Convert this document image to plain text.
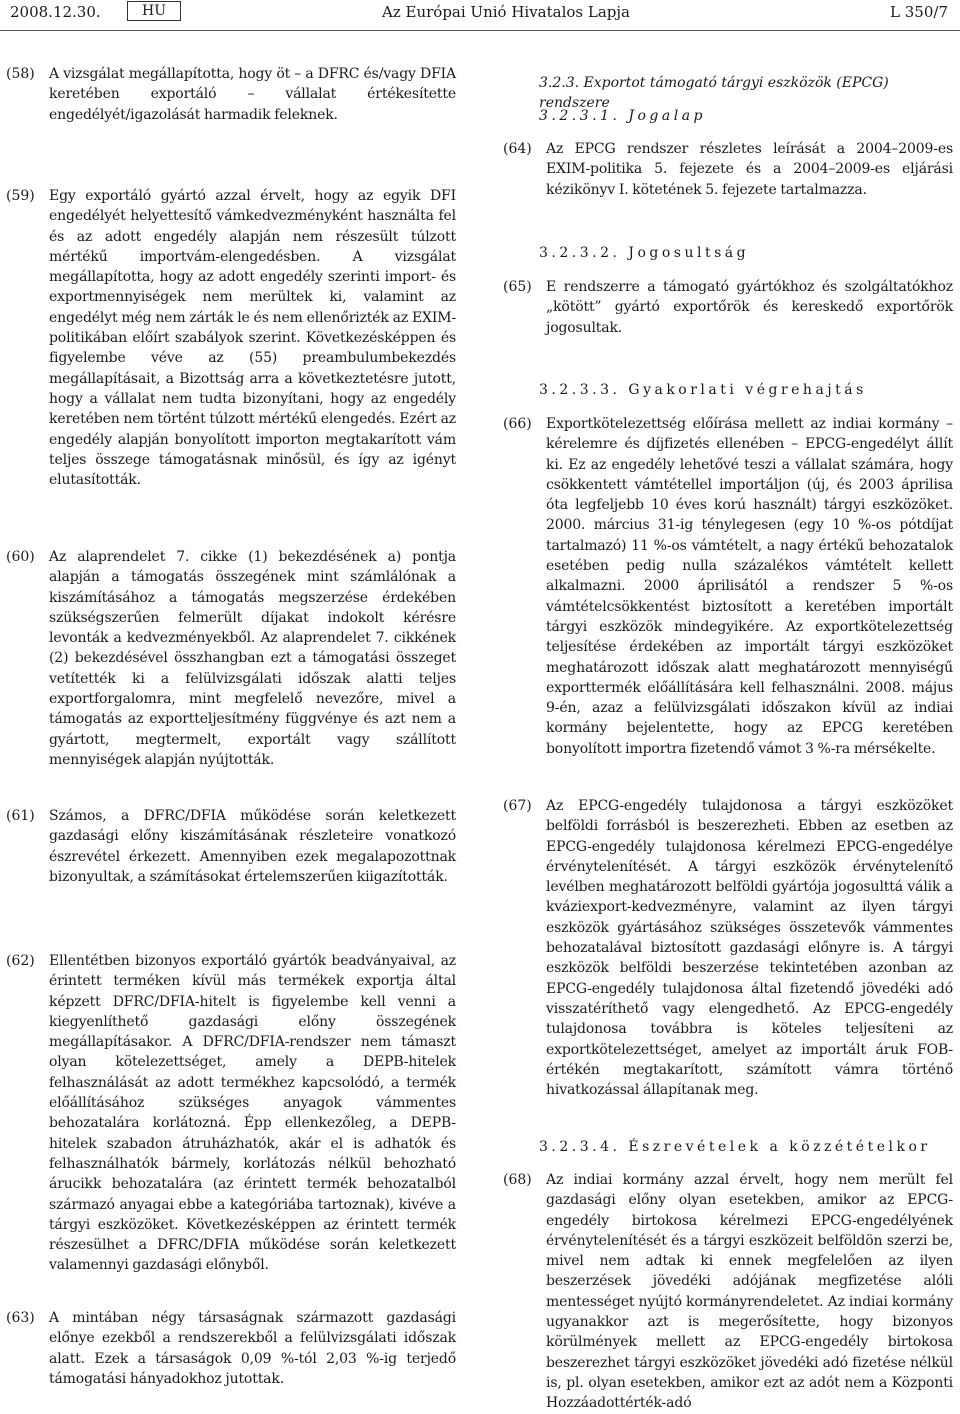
2008.12.30.	HU	Az Európai Unió Hivatalos Lapja	L 350/7
(58) A vizsgálat megállapította, hogy öt – a DFRC és/vagy DFIA keretében exportáló – vállalat értékesítette engedélyét/igazolását harmadik feleknek.
(59) Egy exportáló gyártó azzal érvelt, hogy az egyik DFI engedélyét helyettesítő vámkedvezményként használta fel és az adott engedély alapján nem részesült túlzott mértékű importvám-elengedésben. A vizsgálat megállapította, hogy az adott engedély szerinti import- és exportmennyiségek nem merültek ki, valamint az engedélyt még nem zárták le és nem ellenőrizték az EXIM-politikában előírt szabályok szerint. Következésképpen és figyelembe véve az (55) preambulumbekezdés megállapításait, a Bizottság arra a következtetésre jutott, hogy a vállalat nem tudta bizonyítani, hogy az engedély keretében nem történt túlzott mértékű elengedés. Ezért az engedély alapján bonyolított importon megtakarított vám teljes összege támogatásnak minősül, és így az igényt elutasították.
(60) Az alaprendelet 7. cikke (1) bekezdésének a) pontja alapján a támogatás összegének mint számlálónak a kiszámításához a támogatás megszerzése érdekében szükségszerűen felmerült díjakat indokolt kérésre levonták a kedvezményekből. Az alaprendelet 7. cikkének (2) bekezdésével összhangban ezt a támogatási összeget vetítették ki a felülvizsgálati időszak alatti teljes exportforgalomra, mint megfelelő nevezőre, mivel a támogatás az exportteljesítmény függvénye és azt nem a gyártott, megtermelt, exportált vagy szállított mennyiségek alapján nyújtották.
3.2.3. Exportot támogató tárgyi eszközök (EPCG) rendszere
3.2.3.1. Jogalap
(64) Az EPCG rendszer részletes leírását a 2004–2009-es EXIM-politika 5. fejezete és a 2004–2009-es eljárási kézikönyv I. kötetének 5. fejezete tartalmazza.
3.2.3.2. Jogosultság
(65) E rendszerre a támogató gyártókhoz és szolgáltatókhoz „kötött” gyártó exportőrök és kereskedő exportőrök jogosultak.
3.2.3.3. Gyakorlati végrehajtás
(66) Exportkötelezettség előírása mellett az indiai kormány – kérelemre és díjfizetés ellenében – EPCG-engedélyt állít ki. Ez az engedély lehetővé teszi a vállalat számára, hogy csökkentett vámtétellel importáljon (új, és 2003 áprilisa óta legfeljebb 10 éves korú használt) tárgyi eszközöket. 2000. március 31-ig ténylegesen (egy 10 %-os pótdíjat tartalmazó) 11 %-os vámtételt, a nagy értékű behozatalok esetében pedig nulla százalékos vámtételt kellett alkalmazni. 2000 áprilisától a rendszer 5 %-os vámtételcsökkentést biztosított a keretében importált tárgyi eszközök mindegyikére. Az exportkötelezettség teljesítése érdekében az importált tárgyi eszközöket meghatározott időszak alatt meghatározott mennyiségű exporttermék előállítására kell felhasználni. 2008. május 9-én, azaz a felülvizsgálati időszakon kívül az indiai kormány bejelentette, hogy az EPCG keretében bonyolított importra fizetendő vámot 3 %-ra mérsékelte.
(61) Számos, a DFRC/DFIA működése során keletkezett gazdasági előny kiszámításának részleteire vonatkozó észrevétel érkezett. Amennyiben ezek megalapozottnak bizonyultak, a számításokat értelemszerűen kiigazították.
(62) Ellentétben bizonyos exportáló gyártók beadványaival, az érintett terméken kívül más termékek exportja által képzett DFRC/DFIA-hitelt is figyelembe kell venni a kiegyenlíthető gazdasági előny összegének megállapításakor. A DFRC/DFIA-rendszer nem támaszt olyan kötelezettséget, amely a DEPB-hitelek felhasználását az adott termékhez kapcsolódó, a termék előállításához szükséges anyagok vámmentes behozatalára korlátozná. Épp ellenkezőleg, a DEPB-hitelek szabadon átruházhatók, akár el is adhatók és felhasználhatók bármely, korlátozás nélkül behozható árucikk behozatalára (az érintett termék behozatalból származó anyagai ebbe a kategóriába tartoznak), kivéve a tárgyi eszközöket. Következésképpen az érintett termék részesülhet a DFRC/DFIA működése során keletkezett valamennyi gazdasági előnyből.
(63) A mintában négy társaságnak származott gazdasági előnye ezekből a rendszerekből a felülvizsgálati időszak alatt. Ezek a társaságok 0,09 %-tól 2,03 %-ig terjedő támogatási hányadokhoz jutottak.
(67) Az EPCG-engedély tulajdonosa a tárgyi eszközöket belföldi forrásból is beszerezheti. Ebben az esetben az EPCG-engedély tulajdonosa kérelmezi EPCG-engedélye érvénytelenítését. A tárgyi eszközök érvénytelenítő levélben meghatározott belföldi gyártója jogosulttá válik a kváziexport-kedvezményre, valamint az ilyen tárgyi eszközök gyártásához szükséges összetevők vámmentes behozatalával biztosított gazdasági előnyre is. A tárgyi eszközök belföldi beszerzése tekintetében azonban az EPCG-engedély tulajdonosa által fizetendő jövedéki adó visszatéríthető vagy elengedhető. Az EPCG-engedély tulajdonosa továbbra is köteles teljesíteni az exportkötelezettséget, amelyet az importált áruk FOB-értékén megtakarított, számított vámra történő hivatkozással állapítanak meg.
3.2.3.4. Észrevételek a közzétételkor
(68) Az indiai kormány azzal érvelt, hogy nem merült fel gazdasági előny olyan esetekben, amikor az EPCG-engedély birtokosa kérelmezi EPCG-engedélyének érvénytelenítését és a tárgyi eszközeit belföldön szerzi be, mivel nem adtak ki ennek megfelelően az ilyen beszerzések jövedéki adójának megfizetése alóli mentességet nyújtó kormányrendeletet. Az indiai kormány ugyanakkor azt is megerősítette, hogy bizonyos körülmények mellett az EPCG-engedély birtokosa beszerezhet tárgyi eszközöket jövedéki adó fizetése nélkül is, pl. olyan esetekben, amikor ezt az adót nem a Központi Hozzáadottérték-adó
